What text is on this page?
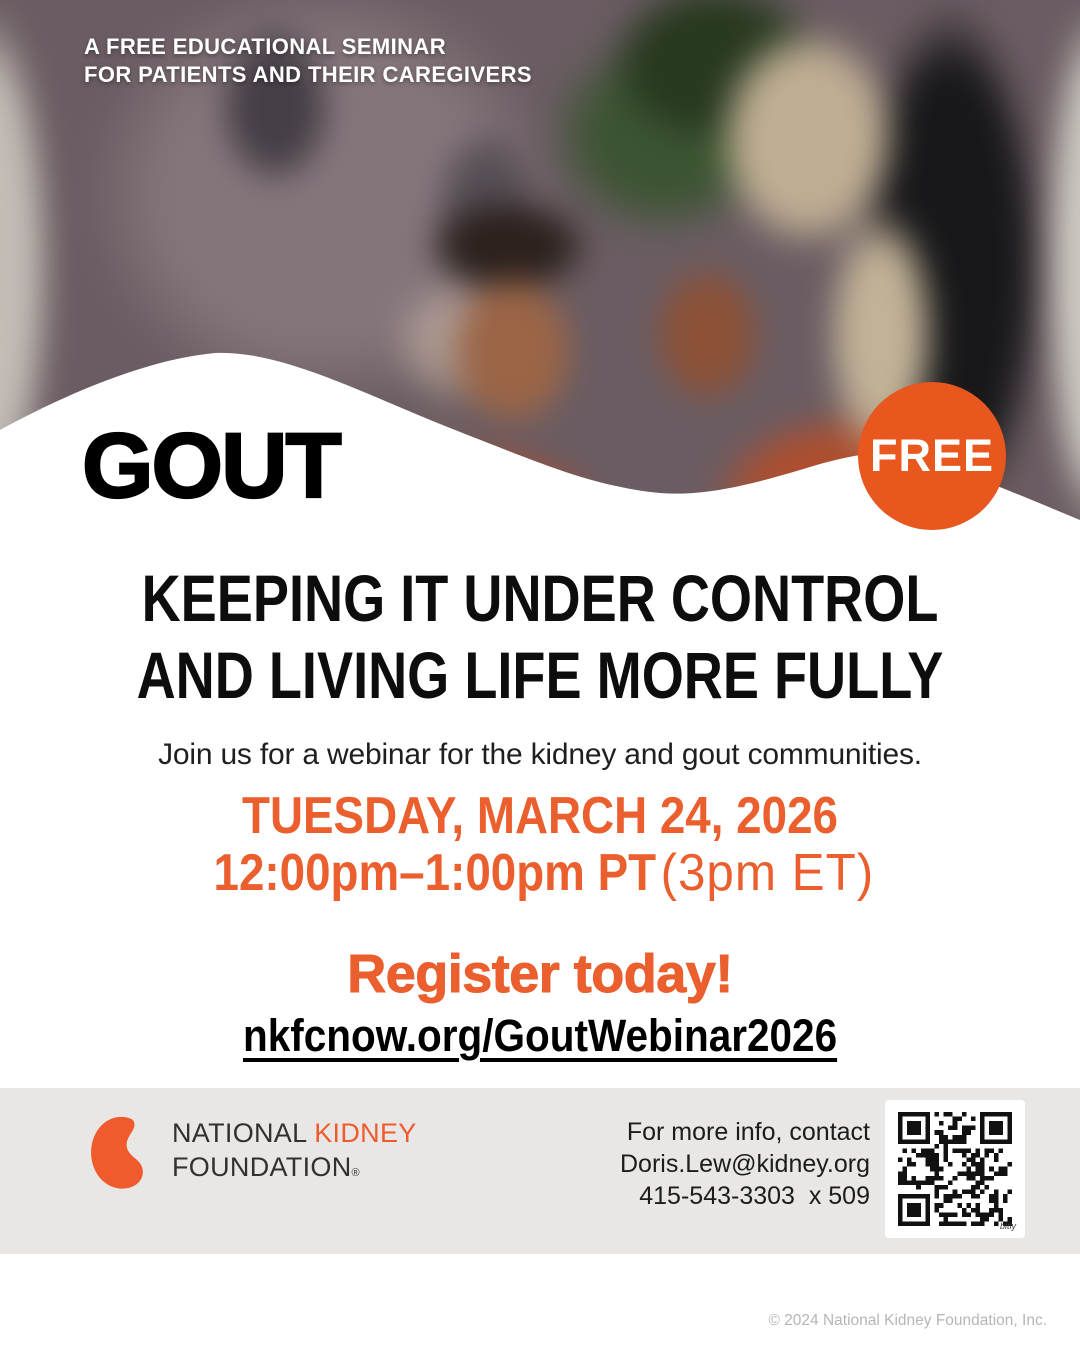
A FREE EDUCATIONAL SEMINAR
FOR PATIENTS AND THEIR CAREGIVERS
FREE
GOUT
KEEPING IT UNDER CONTROL
AND LIVING LIFE MORE FULLY

Join us for a webinar for the kidney and gout communities.

TUESDAY, MARCH 24, 2026
12:00pm–1:00pm PT (3pm ET)
Register today!
nkfcnow.org/GoutWebinar2026
NATIONAL KIDNEY
FOUNDATION®
For more info, contact
Doris.Lew@kidney.org
415-543-3303  x 509
bitly
© 2024 National Kidney Foundation, Inc.
